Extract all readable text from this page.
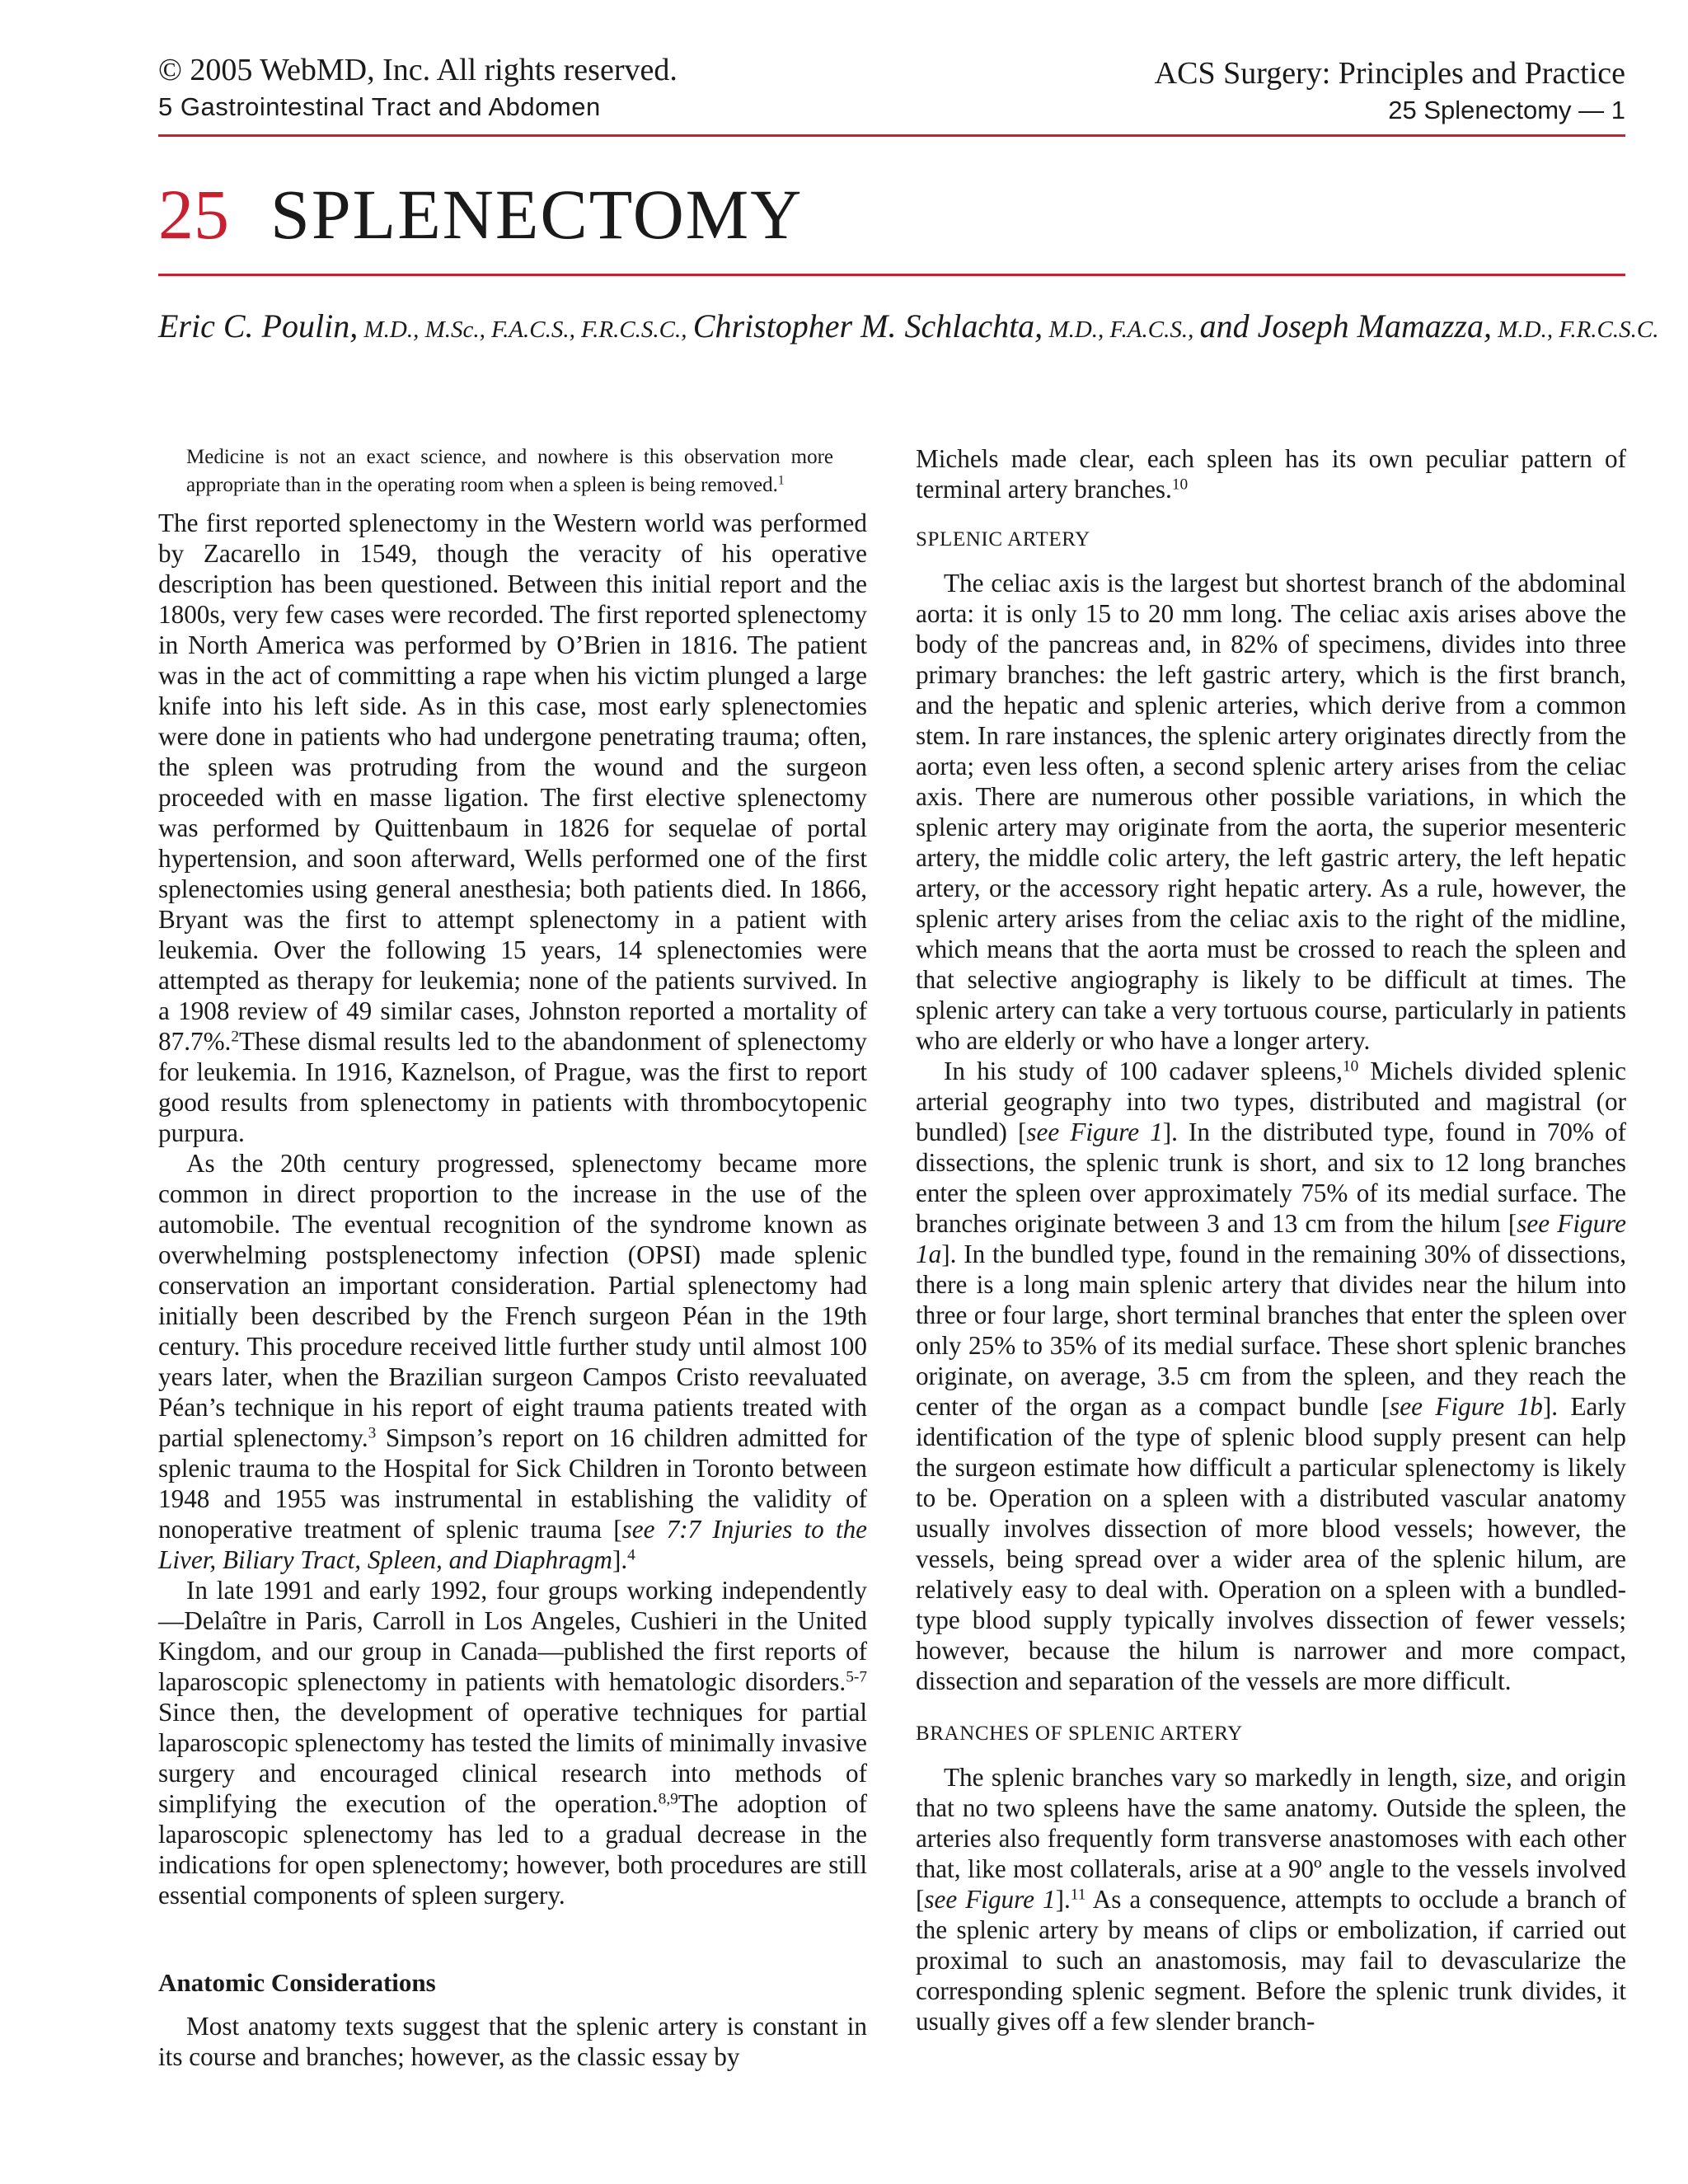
© 2005 WebMD, Inc. All rights reserved.
5 Gastrointestinal Tract and Abdomen
ACS Surgery: Principles and Practice
25 Splenectomy — 1
25 SPLENECTOMY
Eric C. Poulin, M.D., M.Sc., F.A.C.S., F.R.C.S.C., Christopher M. Schlachta, M.D., F.A.C.S., and Joseph Mamazza, M.D., F.R.C.S.C.
Medicine is not an exact science, and nowhere is this observation more appropriate than in the operating room when a spleen is being removed.$^1$

The first reported splenectomy in the Western world was performed by Zacarello in 1549, though the veracity of his operative description has been questioned. Between this initial report and the 1800s, very few cases were recorded. The first reported splenectomy in North America was performed by O’Brien in 1816. The patient was in the act of committing a rape when his victim plunged a large knife into his left side. As in this case, most early splenectomies were done in patients who had undergone penetrating trauma; often, the spleen was protruding from the wound and the surgeon proceeded with en masse ligation. The first elective splenectomy was performed by Quittenbaum in 1826 for sequelae of portal hypertension, and soon afterward, Wells performed one of the first splenectomies using general anesthesia; both patients died. In 1866, Bryant was the first to attempt splenectomy in a patient with leukemia. Over the following 15 years, 14 splenectomies were attempted as therapy for leukemia; none of the patients survived. In a 1908 review of 49 similar cases, Johnston reported a mortality of 87.7%.$^2$These dismal results led to the abandonment of splenectomy for leukemia. In 1916, Kaznelson, of Prague, was the first to report good results from splenectomy in patients with thrombocytopenic purpura.

As the 20th century progressed, splenectomy became more common in direct proportion to the increase in the use of the automobile. The eventual recognition of the syndrome known as overwhelming postsplenectomy infection (OPSI) made splenic conservation an important consideration. Partial splenectomy had initially been described by the French surgeon Péan in the 19th century. This procedure received little further study until almost 100 years later, when the Brazilian surgeon Campos Cristo reevaluated Péan’s technique in his report of eight trauma patients treated with partial splenectomy.$^3$ Simpson’s report on 16 children admitted for splenic trauma to the Hospital for Sick Children in Toronto between 1948 and 1955 was instrumental in establishing the validity of nonoperative treatment of splenic trauma [see 7:7 Injuries to the Liver, Biliary Tract, Spleen, and Diaphragm].$^4$

In late 1991 and early 1992, four groups working independently—Delaître in Paris, Carroll in Los Angeles, Cushieri in the United Kingdom, and our group in Canada—published the first reports of laparoscopic splenectomy in patients with hematologic disorders.$^{5-7}$ Since then, the development of operative techniques for partial laparoscopic splenectomy has tested the limits of minimally invasive surgery and encouraged clinical research into methods of simplifying the execution of the operation.$^{8,9}$The adoption of laparoscopic splenectomy has led to a gradual decrease in the indications for open splenectomy; however, both procedures are still essential components of spleen surgery.

Anatomic Considerations

Most anatomy texts suggest that the splenic artery is constant in its course and branches; however, as the classic essay by

Michels made clear, each spleen has its own peculiar pattern of terminal artery branches.$^{10}$

SPLENIC ARTERY

The celiac axis is the largest but shortest branch of the abdominal aorta: it is only 15 to 20 mm long. The celiac axis arises above the body of the pancreas and, in 82% of specimens, divides into three primary branches: the left gastric artery, which is the first branch, and the hepatic and splenic arteries, which derive from a common stem. In rare instances, the splenic artery originates directly from the aorta; even less often, a second splenic artery arises from the celiac axis. There are numerous other possible variations, in which the splenic artery may originate from the aorta, the superior mesenteric artery, the middle colic artery, the left gastric artery, the left hepatic artery, or the accessory right hepatic artery. As a rule, however, the splenic artery arises from the celiac axis to the right of the midline, which means that the aorta must be crossed to reach the spleen and that selective angiography is likely to be difficult at times. The splenic artery can take a very tortuous course, particularly in patients who are elderly or who have a longer artery.

In his study of 100 cadaver spleens,$^{10}$ Michels divided splenic arterial geography into two types, distributed and magistral (or bundled) [see Figure 1]. In the distributed type, found in 70% of dissections, the splenic trunk is short, and six to 12 long branches enter the spleen over approximately 75% of its medial surface. The branches originate between 3 and 13 cm from the hilum [see Figure 1a]. In the bundled type, found in the remaining 30% of dissections, there is a long main splenic artery that divides near the hilum into three or four large, short terminal branches that enter the spleen over only 25% to 35% of its medial surface. These short splenic branches originate, on average, 3.5 cm from the spleen, and they reach the center of the organ as a compact bundle [see Figure 1b]. Early identification of the type of splenic blood supply present can help the surgeon estimate how difficult a particular splenectomy is likely to be. Operation on a spleen with a distributed vascular anatomy usually involves dissection of more blood vessels; however, the vessels, being spread over a wider area of the splenic hilum, are relatively easy to deal with. Operation on a spleen with a bundled-type blood supply typically involves dissection of fewer vessels; however, because the hilum is narrower and more compact, dissection and separation of the vessels are more difficult.

BRANCHES OF SPLENIC ARTERY

The splenic branches vary so markedly in length, size, and origin that no two spleens have the same anatomy. Outside the spleen, the arteries also frequently form transverse anastomoses with each other that, like most collaterals, arise at a 90º angle to the vessels involved [see Figure 1].$^{11}$ As a consequence, attempts to occlude a branch of the splenic artery by means of clips or embolization, if carried out proximal to such an anastomosis, may fail to devascularize the corresponding splenic segment. Before the splenic trunk divides, it usually gives off a few slender branch-
